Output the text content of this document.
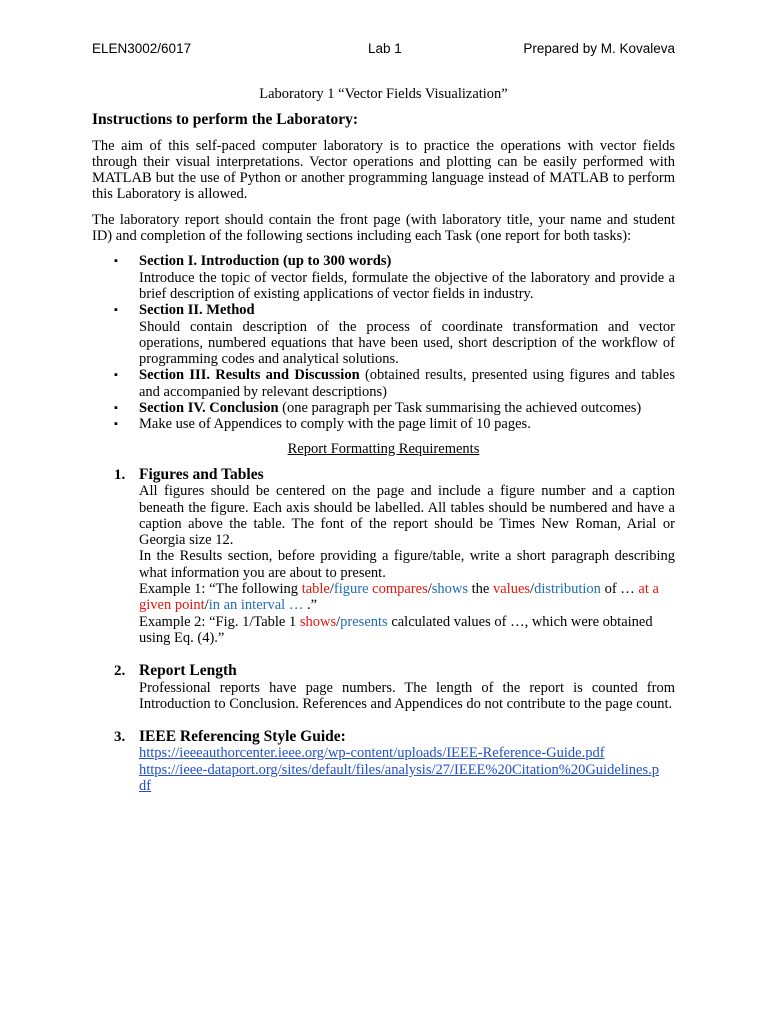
ELEN3002/6017	Lab 1	Prepared by M. Kovaleva

Laboratory 1 “Vector Fields Visualization”

Instructions to perform the Laboratory:

The aim of this self-paced computer laboratory is to practice the operations with vector fields through their visual interpretations. Vector operations and plotting can be easily performed with MATLAB but the use of Python or another programming language instead of MATLAB to perform this Laboratory is allowed.

The laboratory report should contain the front page (with laboratory title, your name and student ID) and completion of the following sections including each Task (one report for both tasks):

▪ Section I. Introduction (up to 300 words)
Introduce the topic of vector fields, formulate the objective of the laboratory and provide a brief description of existing applications of vector fields in industry.
▪ Section II. Method
Should contain description of the process of coordinate transformation and vector operations, numbered equations that have been used, short description of the workflow of programming codes and analytical solutions.
▪ Section III. Results and Discussion (obtained results, presented using figures and tables and accompanied by relevant descriptions)
▪ Section IV. Conclusion (one paragraph per Task summarising the achieved outcomes)
▪ Make use of Appendices to comply with the page limit of 10 pages.

Report Formatting Requirements

1. Figures and Tables
All figures should be centered on the page and include a figure number and a caption beneath the figure. Each axis should be labelled. All tables should be numbered and have a caption above the table. The font of the report should be Times New Roman, Arial or Georgia size 12.
In the Results section, before providing a figure/table, write a short paragraph describing what information you are about to present.
Example 1: “The following table/figure compares/shows the values/distribution of … at a given point/in an interval … .”
Example 2: “Fig. 1/Table 1 shows/presents calculated values of …, which were obtained using Eq. (4).”
2. Report Length
Professional reports have page numbers. The length of the report is counted from Introduction to Conclusion. References and Appendices do not contribute to the page count.
3. IEEE Referencing Style Guide:
https://ieeeauthorcenter.ieee.org/wp-content/uploads/IEEE-Reference-Guide.pdf
https://ieee-dataport.org/sites/default/files/analysis/27/IEEE%20Citation%20Guidelines.pdf
